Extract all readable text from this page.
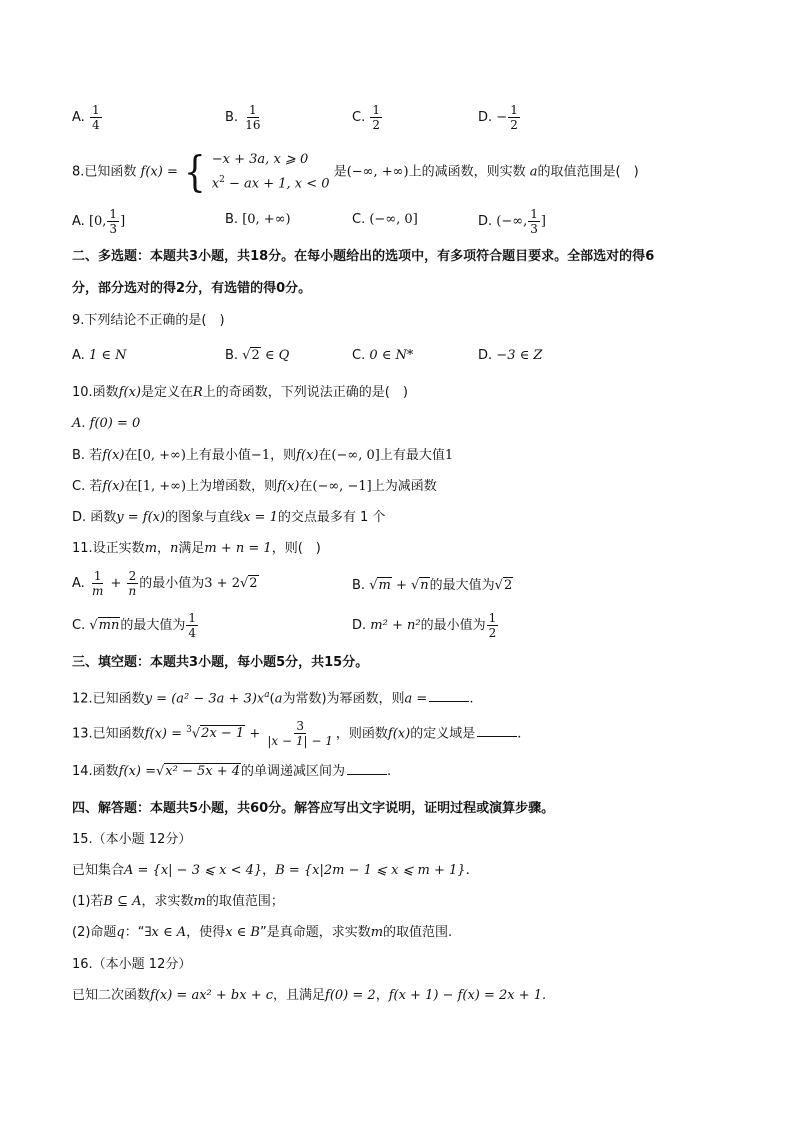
A. $\frac{1}{4}$	B. $\frac{1}{16}$	C. $\frac{1}{2}$	D. − $\frac{1}{2}$
8.已知函数 f(x) = { −x + 3a, x ⩾ 0
$x^2$ − ax + 1, x < 0
是(−∞, +∞)上的减函数，则实数 a的取值范围是(　)
A. [0, $\frac{1}{3}$ ]	B. [0, +∞)	C. (−∞, 0]	D. (−∞, $\frac{1}{3}$ ]
二、多选题：本题共3小题，共18分。在每小题给出的选项中，有多项符合题目要求。全部选对的得6
分，部分选对的得2分，有选错的得0分。
9.下列结论不正确的是(　)
A. 1 ∈ N	B. √2 ∈ Q	C. 0 ∈ N*	D. −3 ∈ Z
10.函数f(x)是定义在R上的奇函数，下列说法正确的是(　)
A. f(0) = 0
B. 若f(x)在[0, +∞)上有最小值−1，则f(x)在(−∞, 0]上有最大值1
C. 若f(x)在[1, +∞)上为增函数，则f(x)在(−∞, −1]上为减函数
D. 函数y = f(x)的图象与直线x = 1的交点最多有 1 个
11.设正实数m，n满足m + n = 1，则(　)
A. $\frac{1}{m} + \frac{2}{n}$ 的最小值为3 + 2√2	B. √m + √n的最大值为√2
C. √mn的最大值为 $\frac{1}{4}$	D. m² + n²的最小值为 $\frac{1}{2}$
三、填空题：本题共3小题，每小题5分，共15分。
12.已知函数$y = (a^2 - 3a + 3)x^a(a$为常数)为幂函数，则a =	.
13.已知函数$f(x) = ^3√2x - 1 + \frac{3}{|x - 1| - 1}$ ，则函数f(x)的定义域是	.
14.函数f(x) =√x² − 5x + 4的单调递减区间为	.
四、解答题：本题共5小题，共60分。解答应写出文字说明，证明过程或演算步骤。
15.（本小题 12分）
已知集合A = {x| − 3 ⩽ x < 4}，B = {x|2m − 1 ⩽ x ⩽ m + 1}.
(1)若B ⊆ A，求实数m的取值范围；
(2)命题q：“∃x ∈ A，使得x ∈ B”是真命题，求实数m的取值范围.
16.（本小题 12分）
已知二次函数f(x) = ax² + bx + c，且满足f(0) = 2，f(x + 1) − f(x) = 2x + 1.
